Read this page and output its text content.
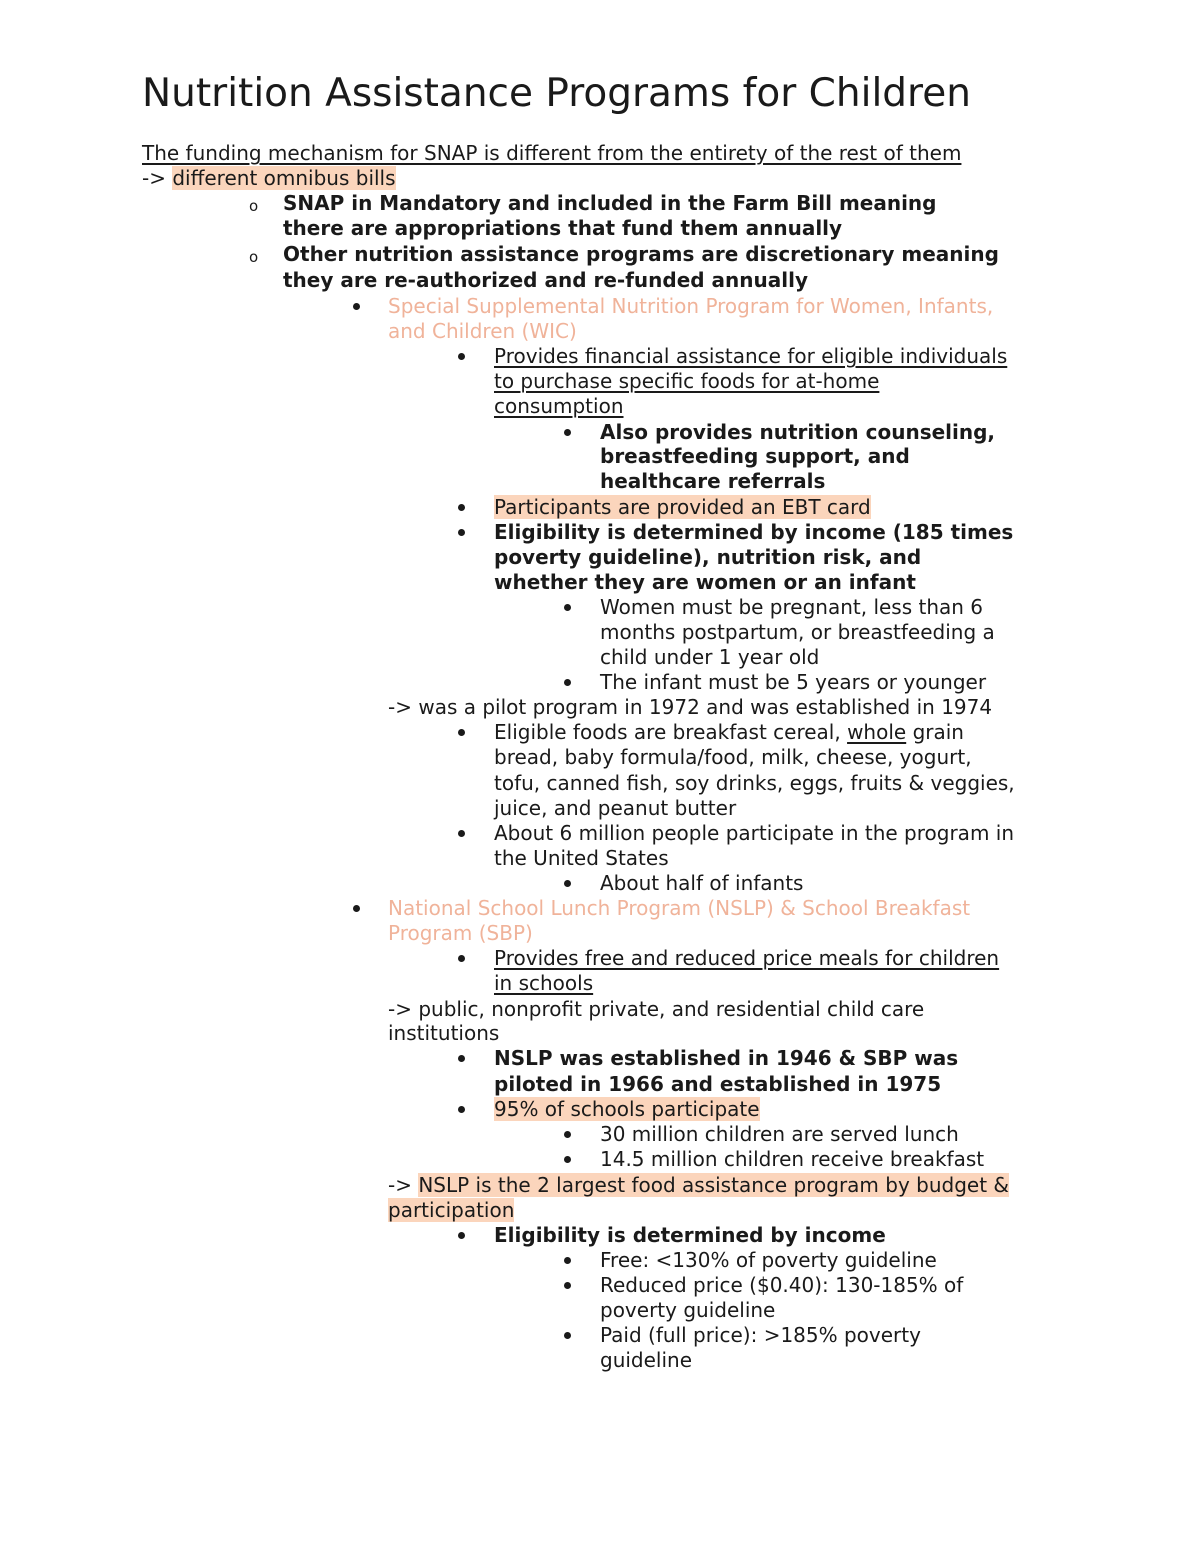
Nutrition Assistance Programs for Children

The funding mechanism for SNAP is different from the entirety of the rest of them

-> different omnibus bills

o SNAP in Mandatory and included in the Farm Bill meaning

there are appropriations that fund them annually

o Other nutrition assistance programs are discretionary meaning

they are re-authorized and re-funded annually

Special Supplemental Nutrition Program for Women, Infants,

and Children (WIC)

Provides financial assistance for eligible individuals

to purchase specific foods for at-home

consumption

Also provides nutrition counseling,

breastfeeding support, and

healthcare referrals

Participants are provided an EBT card

Eligibility is determined by income (185 times

poverty guideline), nutrition risk, and

whether they are women or an infant

Women must be pregnant, less than 6

months postpartum, or breastfeeding a

child under 1 year old

The infant must be 5 years or younger

-> was a pilot program in 1972 and was established in 1974

Eligible foods are breakfast cereal, whole grain

bread, baby formula/food, milk, cheese, yogurt,

tofu, canned fish, soy drinks, eggs, fruits & veggies,

juice, and peanut butter

About 6 million people participate in the program in

the United States

About half of infants

National School Lunch Program (NSLP) & School Breakfast

Program (SBP)

Provides free and reduced price meals for children

in schools

-> public, nonprofit private, and residential child care

institutions

NSLP was established in 1946 & SBP was

piloted in 1966 and established in 1975

95% of schools participate

30 million children are served lunch

14.5 million children receive breakfast

-> NSLP is the 2 largest food assistance program by budget &

participation

Eligibility is determined by income

Free: <130% of poverty guideline

Reduced price ($0.40): 130-185% of

poverty guideline

Paid (full price): >185% poverty

guideline
